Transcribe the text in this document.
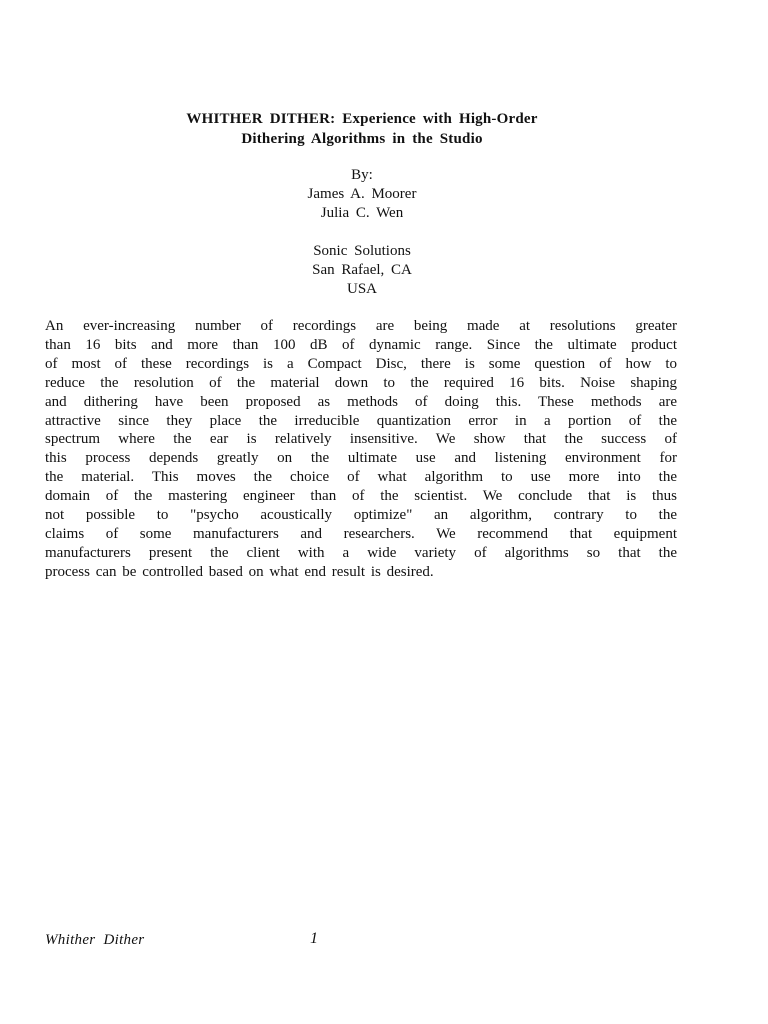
WHITHER DITHER: Experience with High-Order
Dithering Algorithms in the Studio
By:
James A. Moorer
Julia C. Wen
Sonic Solutions
San Rafael, CA
USA
An ever-increasing number of recordings are being made at resolutions greater
than 16 bits and more than 100 dB of dynamic range. Since the ultimate product
of most of these recordings is a Compact Disc, there is some question of how to
reduce the resolution of the material down to the required 16 bits. Noise shaping
and dithering have been proposed as methods of doing this. These methods are
attractive since they place the irreducible quantization error in a portion of the
spectrum where the ear is relatively insensitive. We show that the success of
this process depends greatly on the ultimate use and listening environment for
the material. This moves the choice of what algorithm to use more into the
domain of the mastering engineer than of the scientist. We conclude that is thus
not possible to "psycho acoustically optimize" an algorithm, contrary to the
claims of some manufacturers and researchers. We recommend that equipment
manufacturers present the client with a wide variety of algorithms so that the
process can be controlled based on what end result is desired.
Whither Dither	1
